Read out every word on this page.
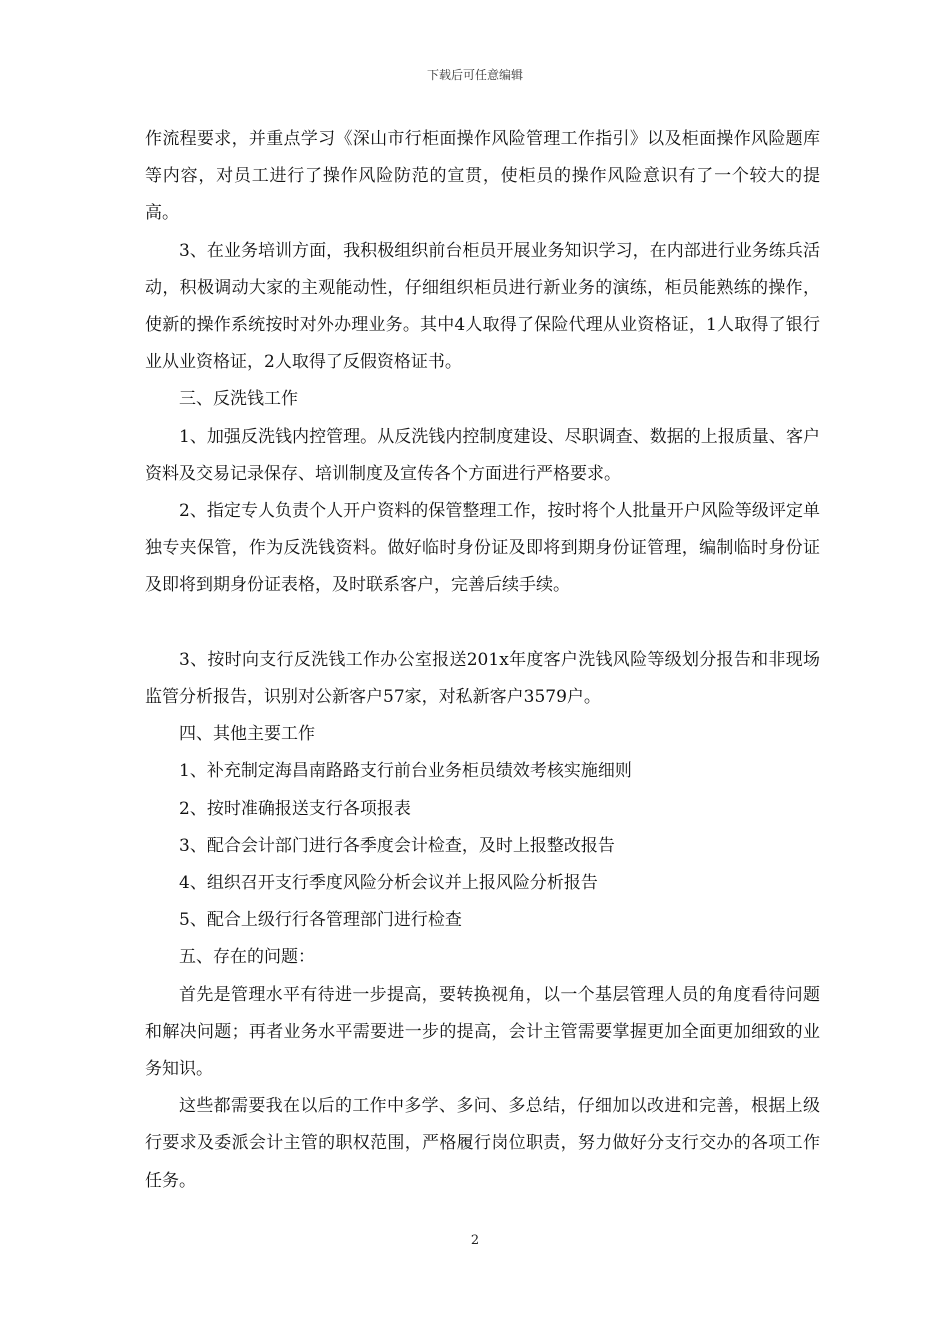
下载后可任意编辑

作流程要求，并重点学习《深山市行柜面操作风险管理工作指引》以及柜面操作风险题库等内容，对员工进行了操作风险防范的宣贯，使柜员的操作风险意识有了一个较大的提高。

3、在业务培训方面，我积极组织前台柜员开展业务知识学习，在内部进行业务练兵活动，积极调动大家的主观能动性，仔细组织柜员进行新业务的演练，柜员能熟练的操作，使新的操作系统按时对外办理业务。其中4人取得了保险代理从业资格证，1人取得了银行业从业资格证，2人取得了反假资格证书。

三、反洗钱工作

1、加强反洗钱内控管理。从反洗钱内控制度建设、尽职调查、数据的上报质量、客户资料及交易记录保存、培训制度及宣传各个方面进行严格要求。

2、指定专人负责个人开户资料的保管整理工作，按时将个人批量开户风险等级评定单独专夹保管，作为反洗钱资料。做好临时身份证及即将到期身份证管理，编制临时身份证及即将到期身份证表格，及时联系客户，完善后续手续。

3、按时向支行反洗钱工作办公室报送201x年度客户洗钱风险等级划分报告和非现场监管分析报告，识别对公新客户57家，对私新客户3579户。

四、其他主要工作

1、补充制定海昌南路路支行前台业务柜员绩效考核实施细则

2、按时准确报送支行各项报表

3、配合会计部门进行各季度会计检查，及时上报整改报告

4、组织召开支行季度风险分析会议并上报风险分析报告

5、配合上级行行各管理部门进行检查

五、存在的问题：

首先是管理水平有待进一步提高，要转换视角，以一个基层管理人员的角度看待问题和解决问题；再者业务水平需要进一步的提高，会计主管需要掌握更加全面更加细致的业务知识。

这些都需要我在以后的工作中多学、多问、多总结，仔细加以改进和完善，根据上级行要求及委派会计主管的职权范围，严格履行岗位职责，努力做好分支行交办的各项工作任务。

2
